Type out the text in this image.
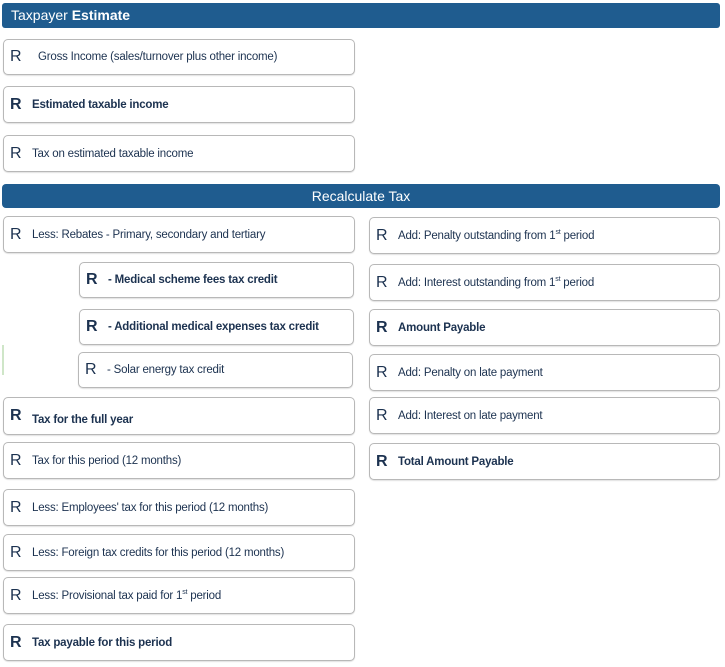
Taxpayer Estimate
R	Gross Income (sales/turnover plus other income)
R Estimated taxable income
R Tax on estimated taxable income
Recalculate Tax
R Less: Rebates - Primary, secondary and tertiary
R - Medical scheme fees tax credit
R - Additional medical expenses tax credit
R - Solar energy tax credit
R Tax for the full year
R Tax for this period (12 months)
R Less: Employees' tax for this period (12 months)
R Less: Foreign tax credits for this period (12 months)
R Less: Provisional tax paid for 1st period
R Tax payable for this period
R Add: Penalty outstanding from 1st period
R Add: Interest outstanding from 1st period
R Amount Payable
R Add: Penalty on late payment
R Add: Interest on late payment
R Total Amount Payable
